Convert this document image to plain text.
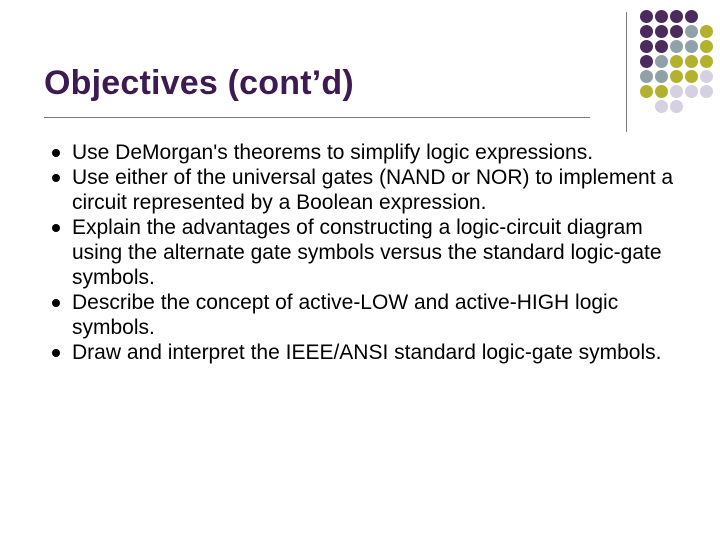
Objectives (cont’d)
Use DeMorgan's theorems to simplify logic expressions.
Use either of the universal gates (NAND or NOR) to implement a circuit represented by a Boolean expression.
Explain the advantages of constructing a logic-circuit diagram using the alternate gate symbols versus the standard logic-gate symbols.
Describe the concept of active-LOW and active-HIGH logic symbols.
Draw and interpret the IEEE/ANSI standard logic-gate symbols.
